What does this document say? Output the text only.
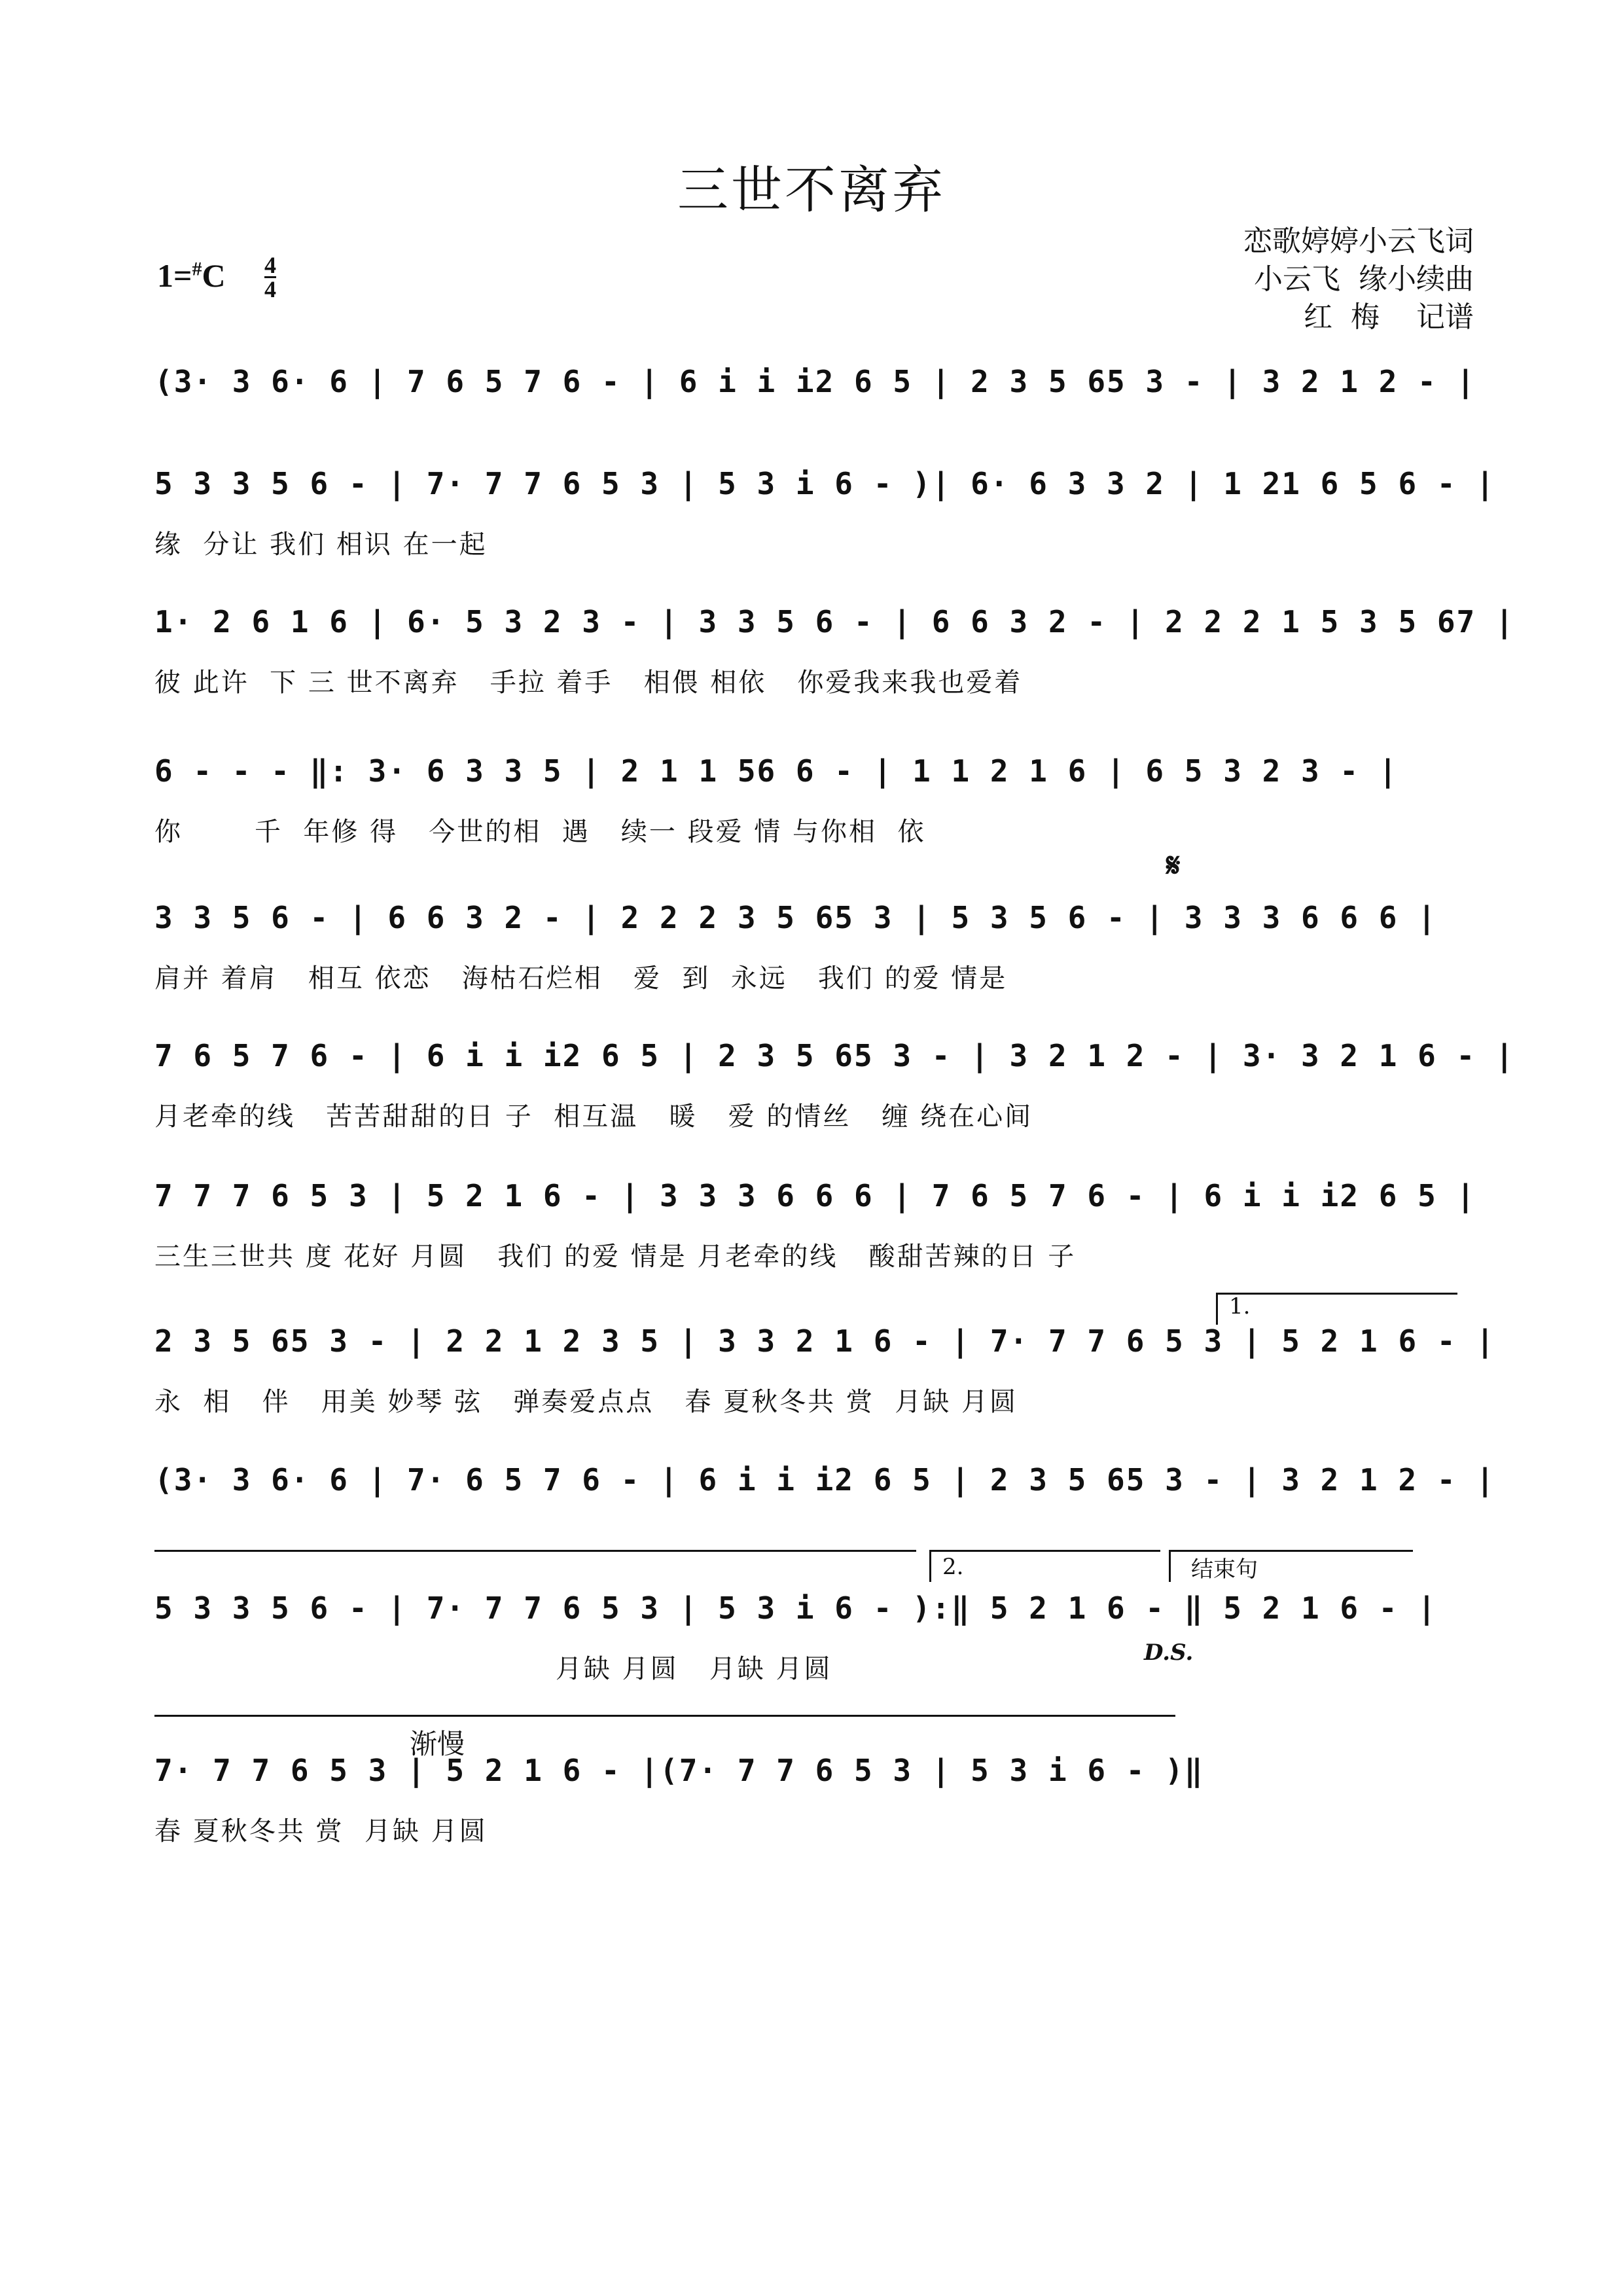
三世不离弃
恋歌婷婷小云飞词
小云飞  缘小续曲
红  梅    记谱
1=#C 4
4
(3· 3 6· 6 | 7 6 5 7 6 - | 6 i i i2 6 5 | 2 3 5 65 3 - | 3 2 1 2 - |
5 3 3 5 6 - | 7· 7 7 6 5 3 | 5 3 i 6 - )| 6· 6 3 3 2 | 1 21 6 5 6 - |
缘  分让 我们 相识 在一起
1· 2 6 1 6 | 6· 5 3 2 3 - | 3 3 5 6 - | 6 6 3 2 - | 2 2 2 1 5 3 5 67 |
彼 此许  下 三 世不离弃   手拉 着手   相偎 相依   你爱我来我也爱着
6 - - - ‖: 3· 6 3 3 5 | 2 1 1 56 6 - | 1 1 2 1 6 | 6 5 3 2 3 - |
你       千  年修 得   今世的相  遇   续一 段爱 情 与你相  依
𝄋
3 3 5 6 - | 6 6 3 2 - | 2 2 2 3 5 65 3 | 5 3 5 6 - | 3 3 3 6 6 6 |
肩并 着肩   相互 依恋   海枯石烂相   爱  到  永远   我们 的爱 情是
7 6 5 7 6 - | 6 i i i2 6 5 | 2 3 5 65 3 - | 3 2 1 2 - | 3· 3 2 1 6 - |
月老牵的线   苦苦甜甜的日 子  相互温   暖   爱 的情丝   缠 绕在心间
7 7 7 6 5 3 | 5 2 1 6 - | 3 3 3 6 6 6 | 7 6 5 7 6 - | 6 i i i2 6 5 |
三生三世共 度 花好 月圆   我们 的爱 情是 月老牵的线   酸甜苦辣的日 子
1.
2 3 5 65 3 - | 2 2 1 2 3 5 | 3 3 2 1 6 - | 7· 7 7 6 5 3 | 5 2 1 6 - |
永  相   伴   用美 妙琴 弦   弹奏爱点点   春 夏秋冬共 赏  月缺 月圆
(3· 3 6· 6 | 7· 6 5 7 6 - | 6 i i i2 6 5 | 2 3 5 65 3 - | 3 2 1 2 - |
2.	结束句
5 3 3 5 6 - | 7· 7 7 6 5 3 | 5 3 i 6 - ):‖ 5 2 1 6 - ‖ 5 2 1 6 - |
月缺 月圆   月缺 月圆
D.S.
渐慢
7· 7 7 6 5 3 | 5 2 1 6 - |(7· 7 7 6 5 3 | 5 3 i 6 - )‖
春 夏秋冬共 赏  月缺 月圆
